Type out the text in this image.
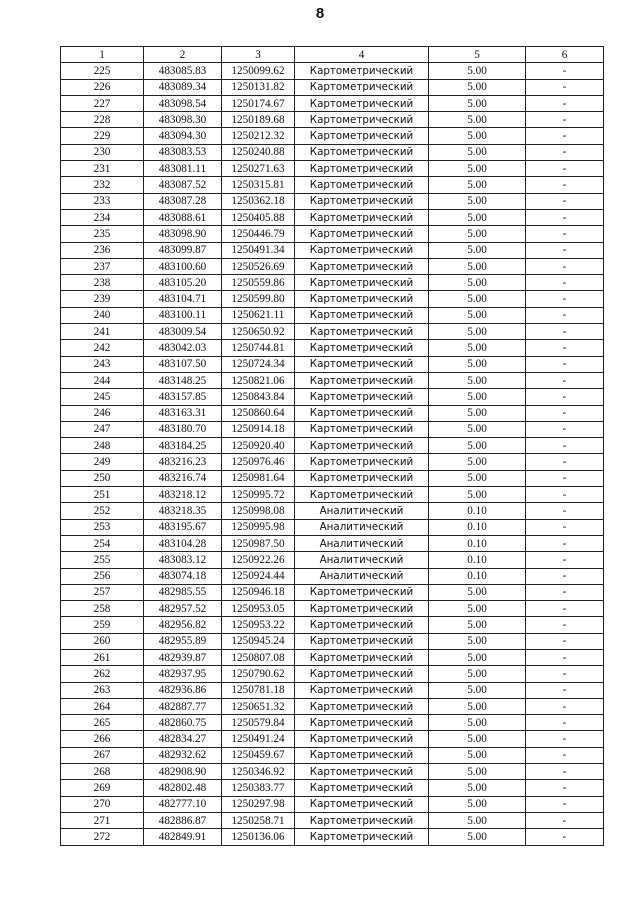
8
1	2	3	4	5	6
225	483085.83	1250099.62	Картометрический	5.00	-
226	483089.34	1250131.82	Картометрический	5.00	-
227	483098.54	1250174.67	Картометрический	5.00	-
228	483098.30	1250189.68	Картометрический	5.00	-
229	483094.30	1250212.32	Картометрический	5.00	-
230	483083.53	1250240.88	Картометрический	5.00	-
231	483081.11	1250271.63	Картометрический	5.00	-
232	483087.52	1250315.81	Картометрический	5.00	-
233	483087.28	1250362.18	Картометрический	5.00	-
234	483088.61	1250405.88	Картометрический	5.00	-
235	483098.90	1250446.79	Картометрический	5.00	-
236	483099.87	1250491.34	Картометрический	5.00	-
237	483100.60	1250526.69	Картометрический	5.00	-
238	483105.20	1250559.86	Картометрический	5.00	-
239	483104.71	1250599.80	Картометрический	5.00	-
240	483100.11	1250621.11	Картометрический	5.00	-
241	483009.54	1250650.92	Картометрический	5.00	-
242	483042.03	1250744.81	Картометрический	5.00	-
243	483107.50	1250724.34	Картометрический	5.00	-
244	483148.25	1250821.06	Картометрический	5.00	-
245	483157.85	1250843.84	Картометрический	5.00	-
246	483163.31	1250860.64	Картометрический	5.00	-
247	483180.70	1250914.18	Картометрический	5.00	-
248	483184.25	1250920.40	Картометрический	5.00	-
249	483216.23	1250976.46	Картометрический	5.00	-
250	483216.74	1250981.64	Картометрический	5.00	-
251	483218.12	1250995.72	Картометрический	5.00	-
252	483218.35	1250998.08	Аналитический	0.10	-
253	483195.67	1250995.98	Аналитический	0.10	-
254	483104.28	1250987.50	Аналитический	0.10	-
255	483083.12	1250922.26	Аналитический	0.10	-
256	483074.18	1250924.44	Аналитический	0.10	-
257	482985.55	1250946.18	Картометрический	5.00	-
258	482957.52	1250953.05	Картометрический	5.00	-
259	482956.82	1250953.22	Картометрический	5.00	-
260	482955.89	1250945.24	Картометрический	5.00	-
261	482939.87	1250807.08	Картометрический	5.00	-
262	482937.95	1250790.62	Картометрический	5.00	-
263	482936.86	1250781.18	Картометрический	5.00	-
264	482887.77	1250651.32	Картометрический	5.00	-
265	482860.75	1250579.84	Картометрический	5.00	-
266	482834.27	1250491.24	Картометрический	5.00	-
267	482932.62	1250459.67	Картометрический	5.00	-
268	482908.90	1250346.92	Картометрический	5.00	-
269	482802.48	1250383.77	Картометрический	5.00	-
270	482777.10	1250297.98	Картометрический	5.00	-
271	482886.87	1250258.71	Картометрический	5.00	-
272	482849.91	1250136.06	Картометрический	5.00	-
